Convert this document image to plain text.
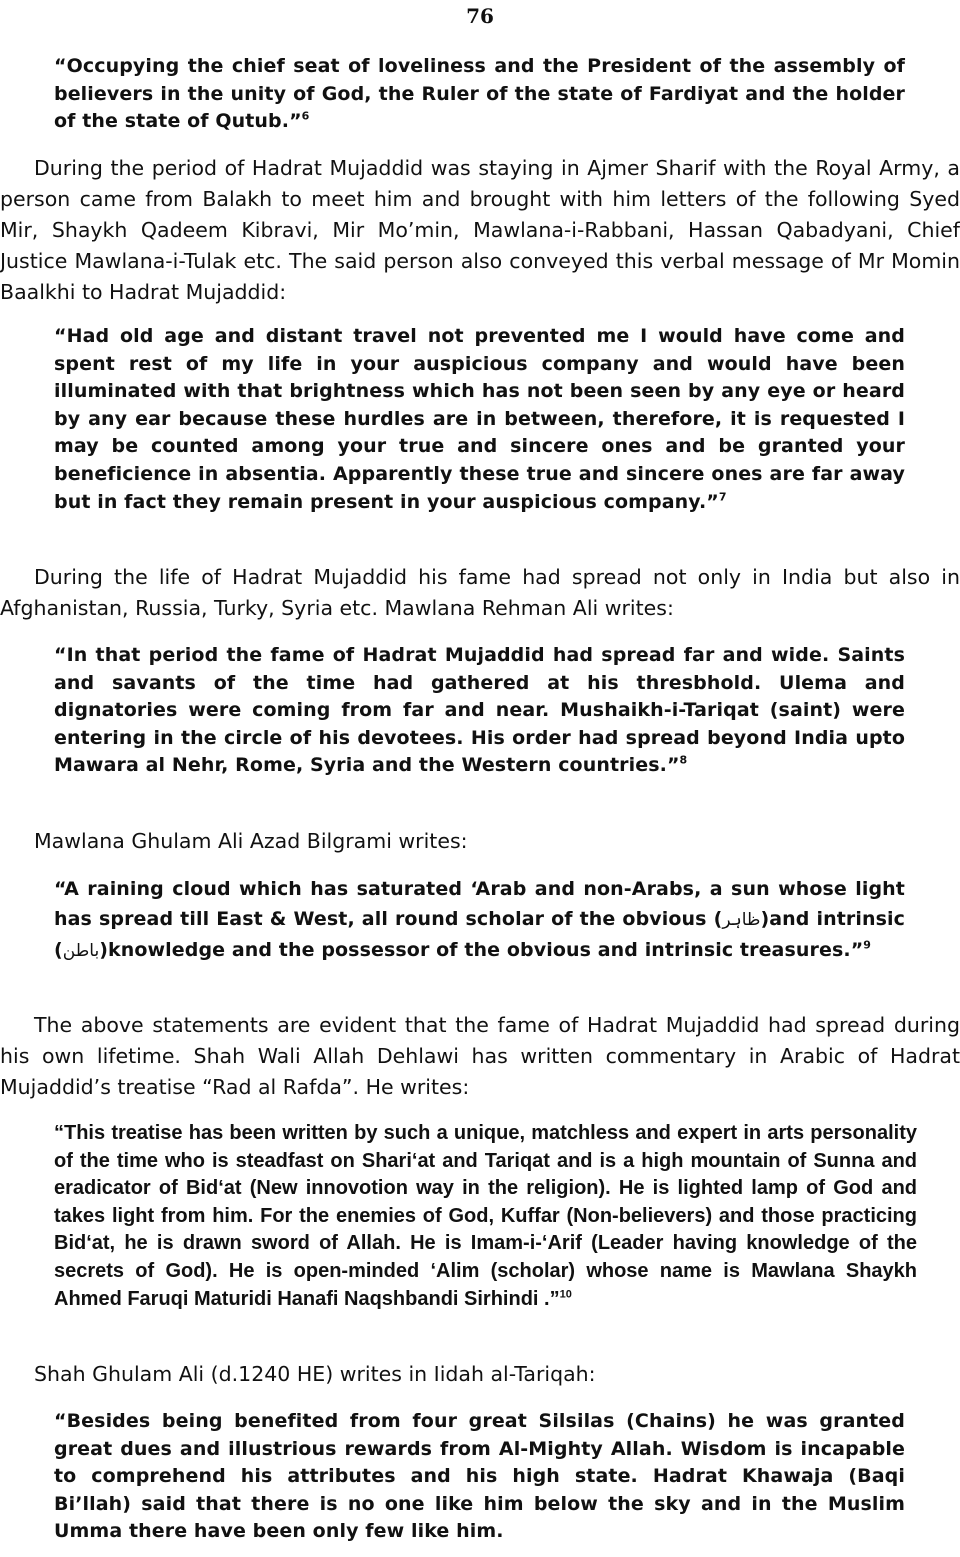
76

“Occupying the chief seat of loveliness and the President of the assembly of believers in the unity of God, the Ruler of the state of Fardiyat and the holder of the state of Qutub.”$^6$

During the period of Hadrat Mujaddid was staying in Ajmer Sharif with the Royal Army, a person came from Balakh to meet him and brought with him letters of the following Syed Mir, Shaykh Qadeem Kibravi, Mir Mo’min, Mawlana-i-Rabbani, Hassan Qabadyani, Chief Justice Mawlana-i-Tulak etc. The said person also conveyed this verbal message of Mr Momin Baalkhi to Hadrat Mujaddid:

“Had old age and distant travel not prevented me I would have come and spent rest of my life in your auspicious company and would have been illuminated with that brightness which has not been seen by any eye or heard by any ear because these hurdles are in between, therefore, it is requested I may be counted among your true and sincere ones and be granted your beneficience in absentia. Apparently these true and sincere ones are far away but in fact they remain present in your auspicious company.”$^7$

During the life of Hadrat Mujaddid his fame had spread not only in India but also in Afghanistan, Russia, Turky, Syria etc. Mawlana Rehman Ali writes:

“In that period the fame of Hadrat Mujaddid had spread far and wide. Saints and savants of the time had gathered at his thresbhold. Ulema and dignatories were coming from far and near. Mushaikh-i-Tariqat (saint) were entering in the circle of his devotees. His order had spread beyond India upto Mawara al Nehr, Rome, Syria and the Western countries.”$^8$

Mawlana Ghulam Ali Azad Bilgrami writes:

“A raining cloud which has saturated ‘Arab and non-Arabs, a sun whose light has spread till East & West, all round scholar of the obvious (ظاہر)and intrinsic (باطن)knowledge and the possessor of the obvious and intrinsic treasures.”$^9$

The above statements are evident that the fame of Hadrat Mujaddid had spread during his own lifetime. Shah Wali Allah Dehlawi has written commentary in Arabic of Hadrat Mujaddid’s treatise “Rad al Rafda”. He writes:

“This treatise has been written by such a unique, matchless and expert in arts personality of the time who is steadfast on Shari‘at and Tariqat and is a high mountain of Sunna and eradicator of Bid‘at (New innovotion way in the religion). He is lighted lamp of God and takes light from him. For the enemies of God, Kuffar (Non-believers) and those practicing Bid‘at, he is drawn sword of Allah. He is Imam-i-‘Arif (Leader having knowledge of the secrets of God). He is open-minded ‘Alim (scholar) whose name is Mawlana Shaykh Ahmed Faruqi Maturidi Hanafi Naqshbandi Sirhindi .”$^{10}$

Shah Ghulam Ali (d.1240 HE) writes in Iidah al-Tariqah:

“Besides being benefited from four great Silsilas (Chains) he was granted great dues and illustrious rewards from Al-Mighty Allah. Wisdom is incapable to comprehend his attributes and his high state. Hadrat Khawaja (Baqi Bi’llah) said that there is no one like him below the sky and in the Muslim Umma there have been only few like him.
